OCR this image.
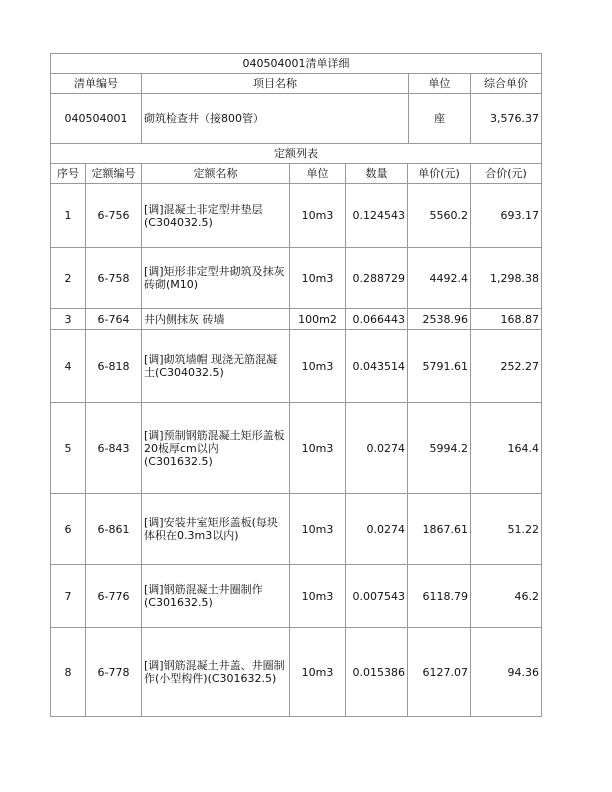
040504001清单详细			
清单编号	项目名称	单位	综合单价
040504001	砌筑检查井（接800管）	座	3,576.37
定额列表						
序号	定额编号	定额名称	单位	数量	单价(元)	合价(元)
1	6-756	[调]混凝土非定型井垫层(C304032.5)	10m3	0.124543	5560.2	693.17
2	6-758	[调]矩形非定型井砌筑及抹灰 砖砌(M10)	10m3	0.288729	4492.4	1,298.38
3	6-764	井内侧抹灰 砖墙	100m2	0.066443	2538.96	168.87
4	6-818	[调]砌筑墙帽 现浇无筋混凝土(C304032.5)	10m3	0.043514	5791.61	252.27
5	6-843	[调]预制钢筋混凝土矩形盖板20板厚cm以内(C301632.5)	10m3	0.0274	5994.2	164.4
6	6-861	[调]安装井室矩形盖板(每块体积在0.3m3以内)	10m3	0.0274	1867.61	51.22
7	6-776	[调]钢筋混凝土井圈制作(C301632.5)	10m3	0.007543	6118.79	46.2
8	6-778	[调]钢筋混凝土井盖、井圈制作(小型构件)(C301632.5)	10m3	0.015386	6127.07	94.36
